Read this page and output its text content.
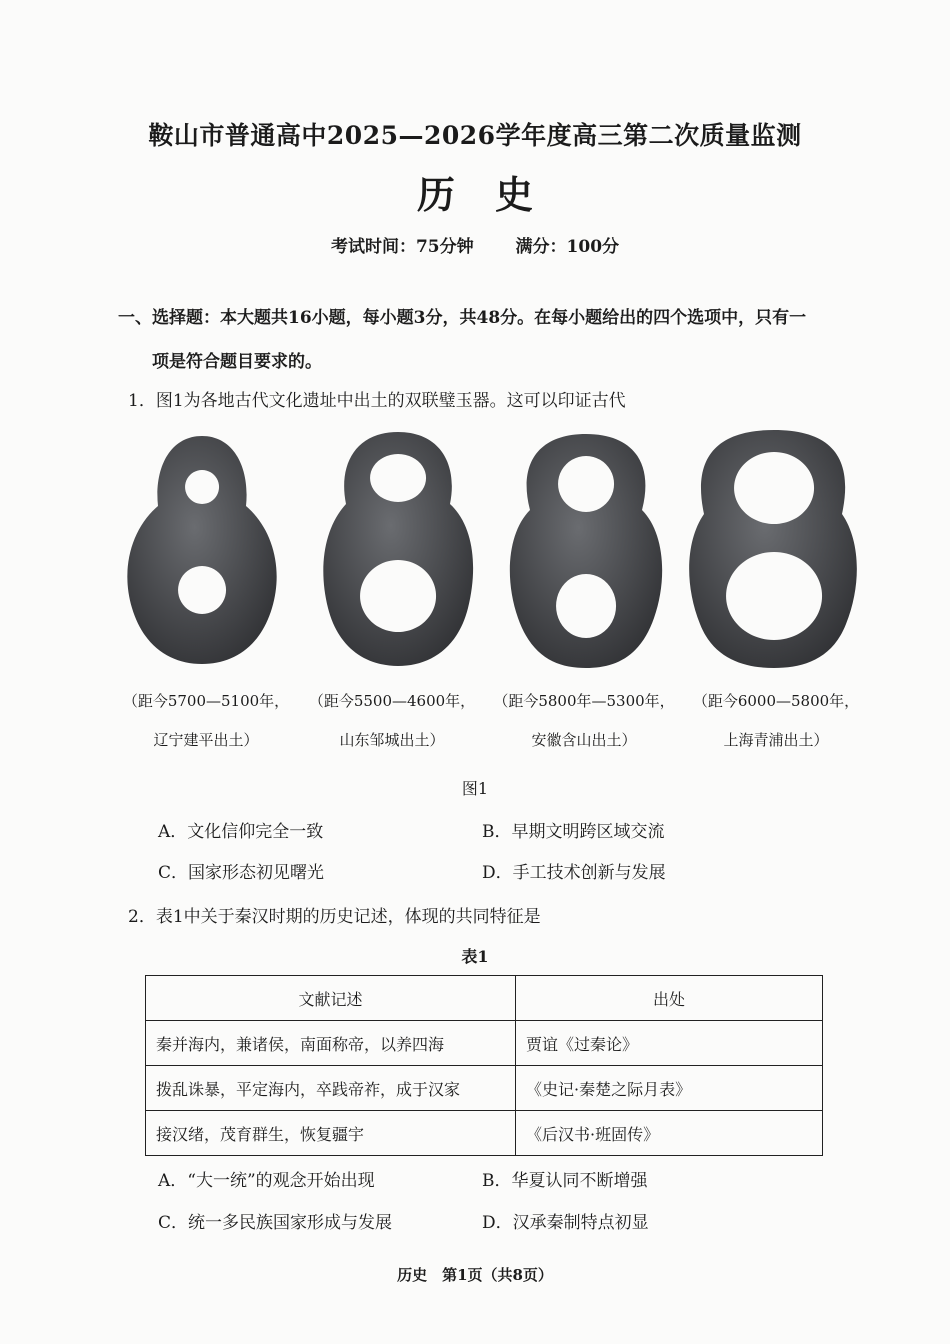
鞍山市普通高中2025—2026学年度高三第二次质量监测
历史
考试时间：75分钟 满分：100分
一、选择题：本大题共16小题，每小题3分，共48分。在每小题给出的四个选项中，只有一
项是符合题目要求的。
1．图1为各地古代文化遗址中出土的双联璧玉器。这可以印证古代
（距今5700—5100年，
辽宁建平出土）
（距今5500—4600年，
山东邹城出土）
（距今5800年—5300年，
安徽含山出土）
（距今6000—5800年，
上海青浦出土）
图1
A．文化信仰完全一致	B．早期文明跨区域交流
C．国家形态初见曙光	D．手工技术创新与发展
2．表1中关于秦汉时期的历史记述，体现的共同特征是
表1
文献记述	出处
秦并海内，兼诸侯，南面称帝，以养四海	贾谊《过秦论》
拨乱诛暴，平定海内，卒践帝祚，成于汉家	《史记·秦楚之际月表》
接汉绪，茂育群生，恢复疆宇	《后汉书·班固传》
A．“大一统”的观念开始出现	B．华夏认同不断增强
C．统一多民族国家形成与发展	D．汉承秦制特点初显
历史　第1页（共8页）
